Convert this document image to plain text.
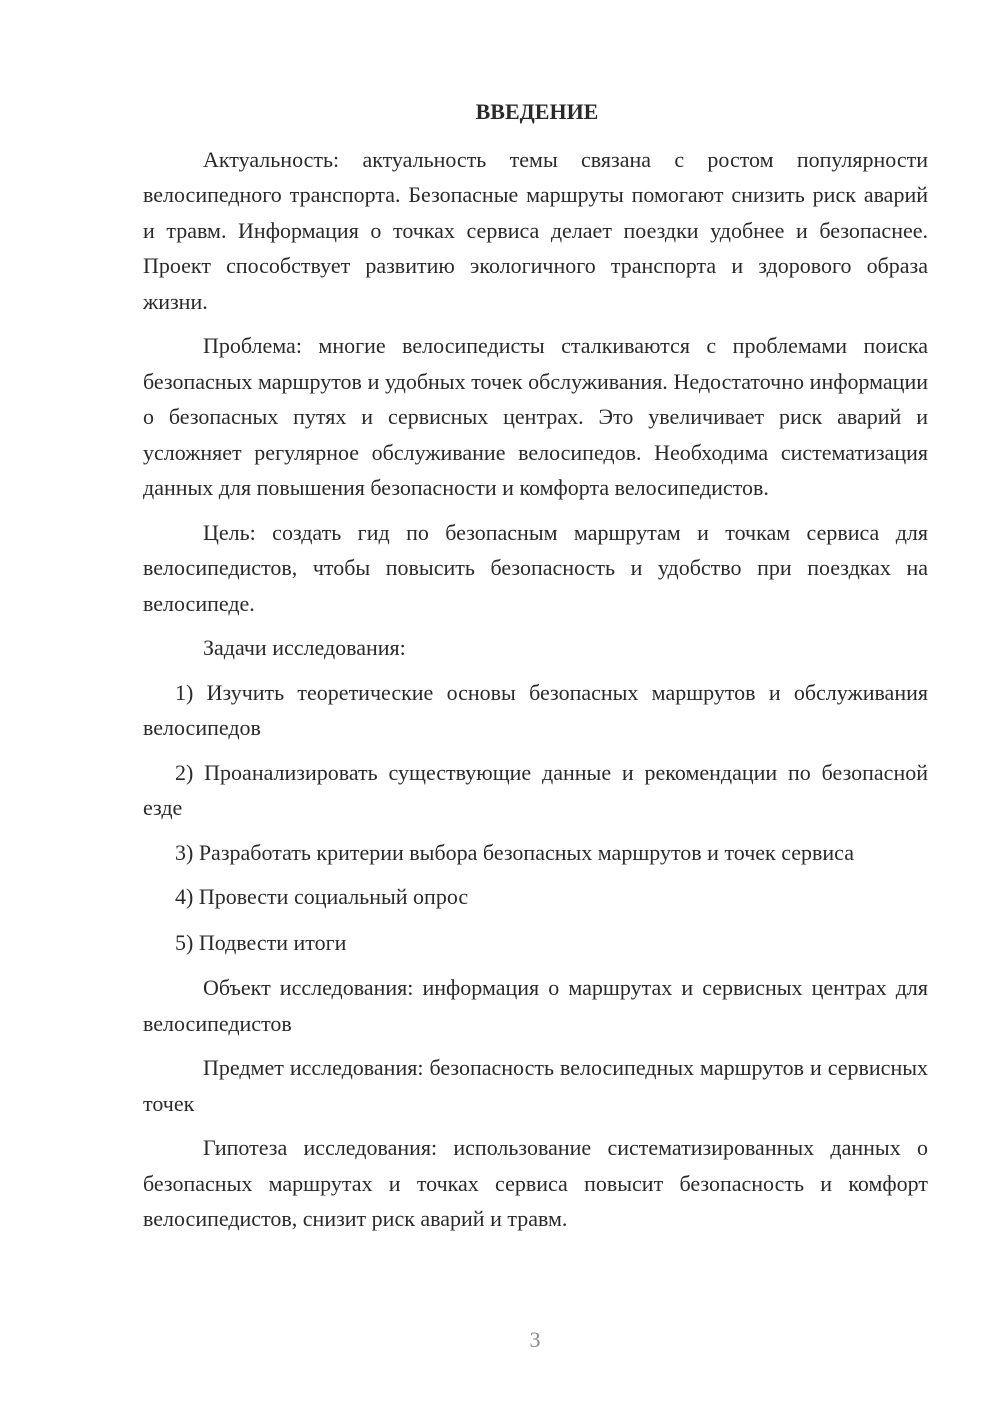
ВВЕДЕНИЕ

Актуальность: актуальность темы связана с ростом популярности велосипедного транспорта. Безопасные маршруты помогают снизить риск аварий и травм. Информация о точках сервиса делает поездки удобнее и безопаснее. Проект способствует развитию экологичного транспорта и здорового образа жизни.

Проблема: многие велосипедисты сталкиваются с проблемами поиска безопасных маршрутов и удобных точек обслуживания. Недостаточно информации о безопасных путях и сервисных центрах. Это увеличивает риск аварий и усложняет регулярное обслуживание велосипедов. Необходима систематизация данных для повышения безопасности и комфорта велосипедистов.

Цель: создать гид по безопасным маршрутам и точкам сервиса для велосипедистов, чтобы повысить безопасность и удобство при поездках на велосипеде.

Задачи исследования:

1) Изучить теоретические основы безопасных маршрутов и обслуживания велосипедов

2) Проанализировать существующие данные и рекомендации по безопасной езде

3) Разработать критерии выбора безопасных маршрутов и точек сервиса

4) Провести социальный опрос

5) Подвести итоги

Объект исследования: информация о маршрутах и сервисных центрах для велосипедистов

Предмет исследования: безопасность велосипедных маршрутов и сервисных точек

Гипотеза исследования: использование систематизированных данных о безопасных маршрутах и точках сервиса повысит безопасность и комфорт велосипедистов, снизит риск аварий и травм.

3
